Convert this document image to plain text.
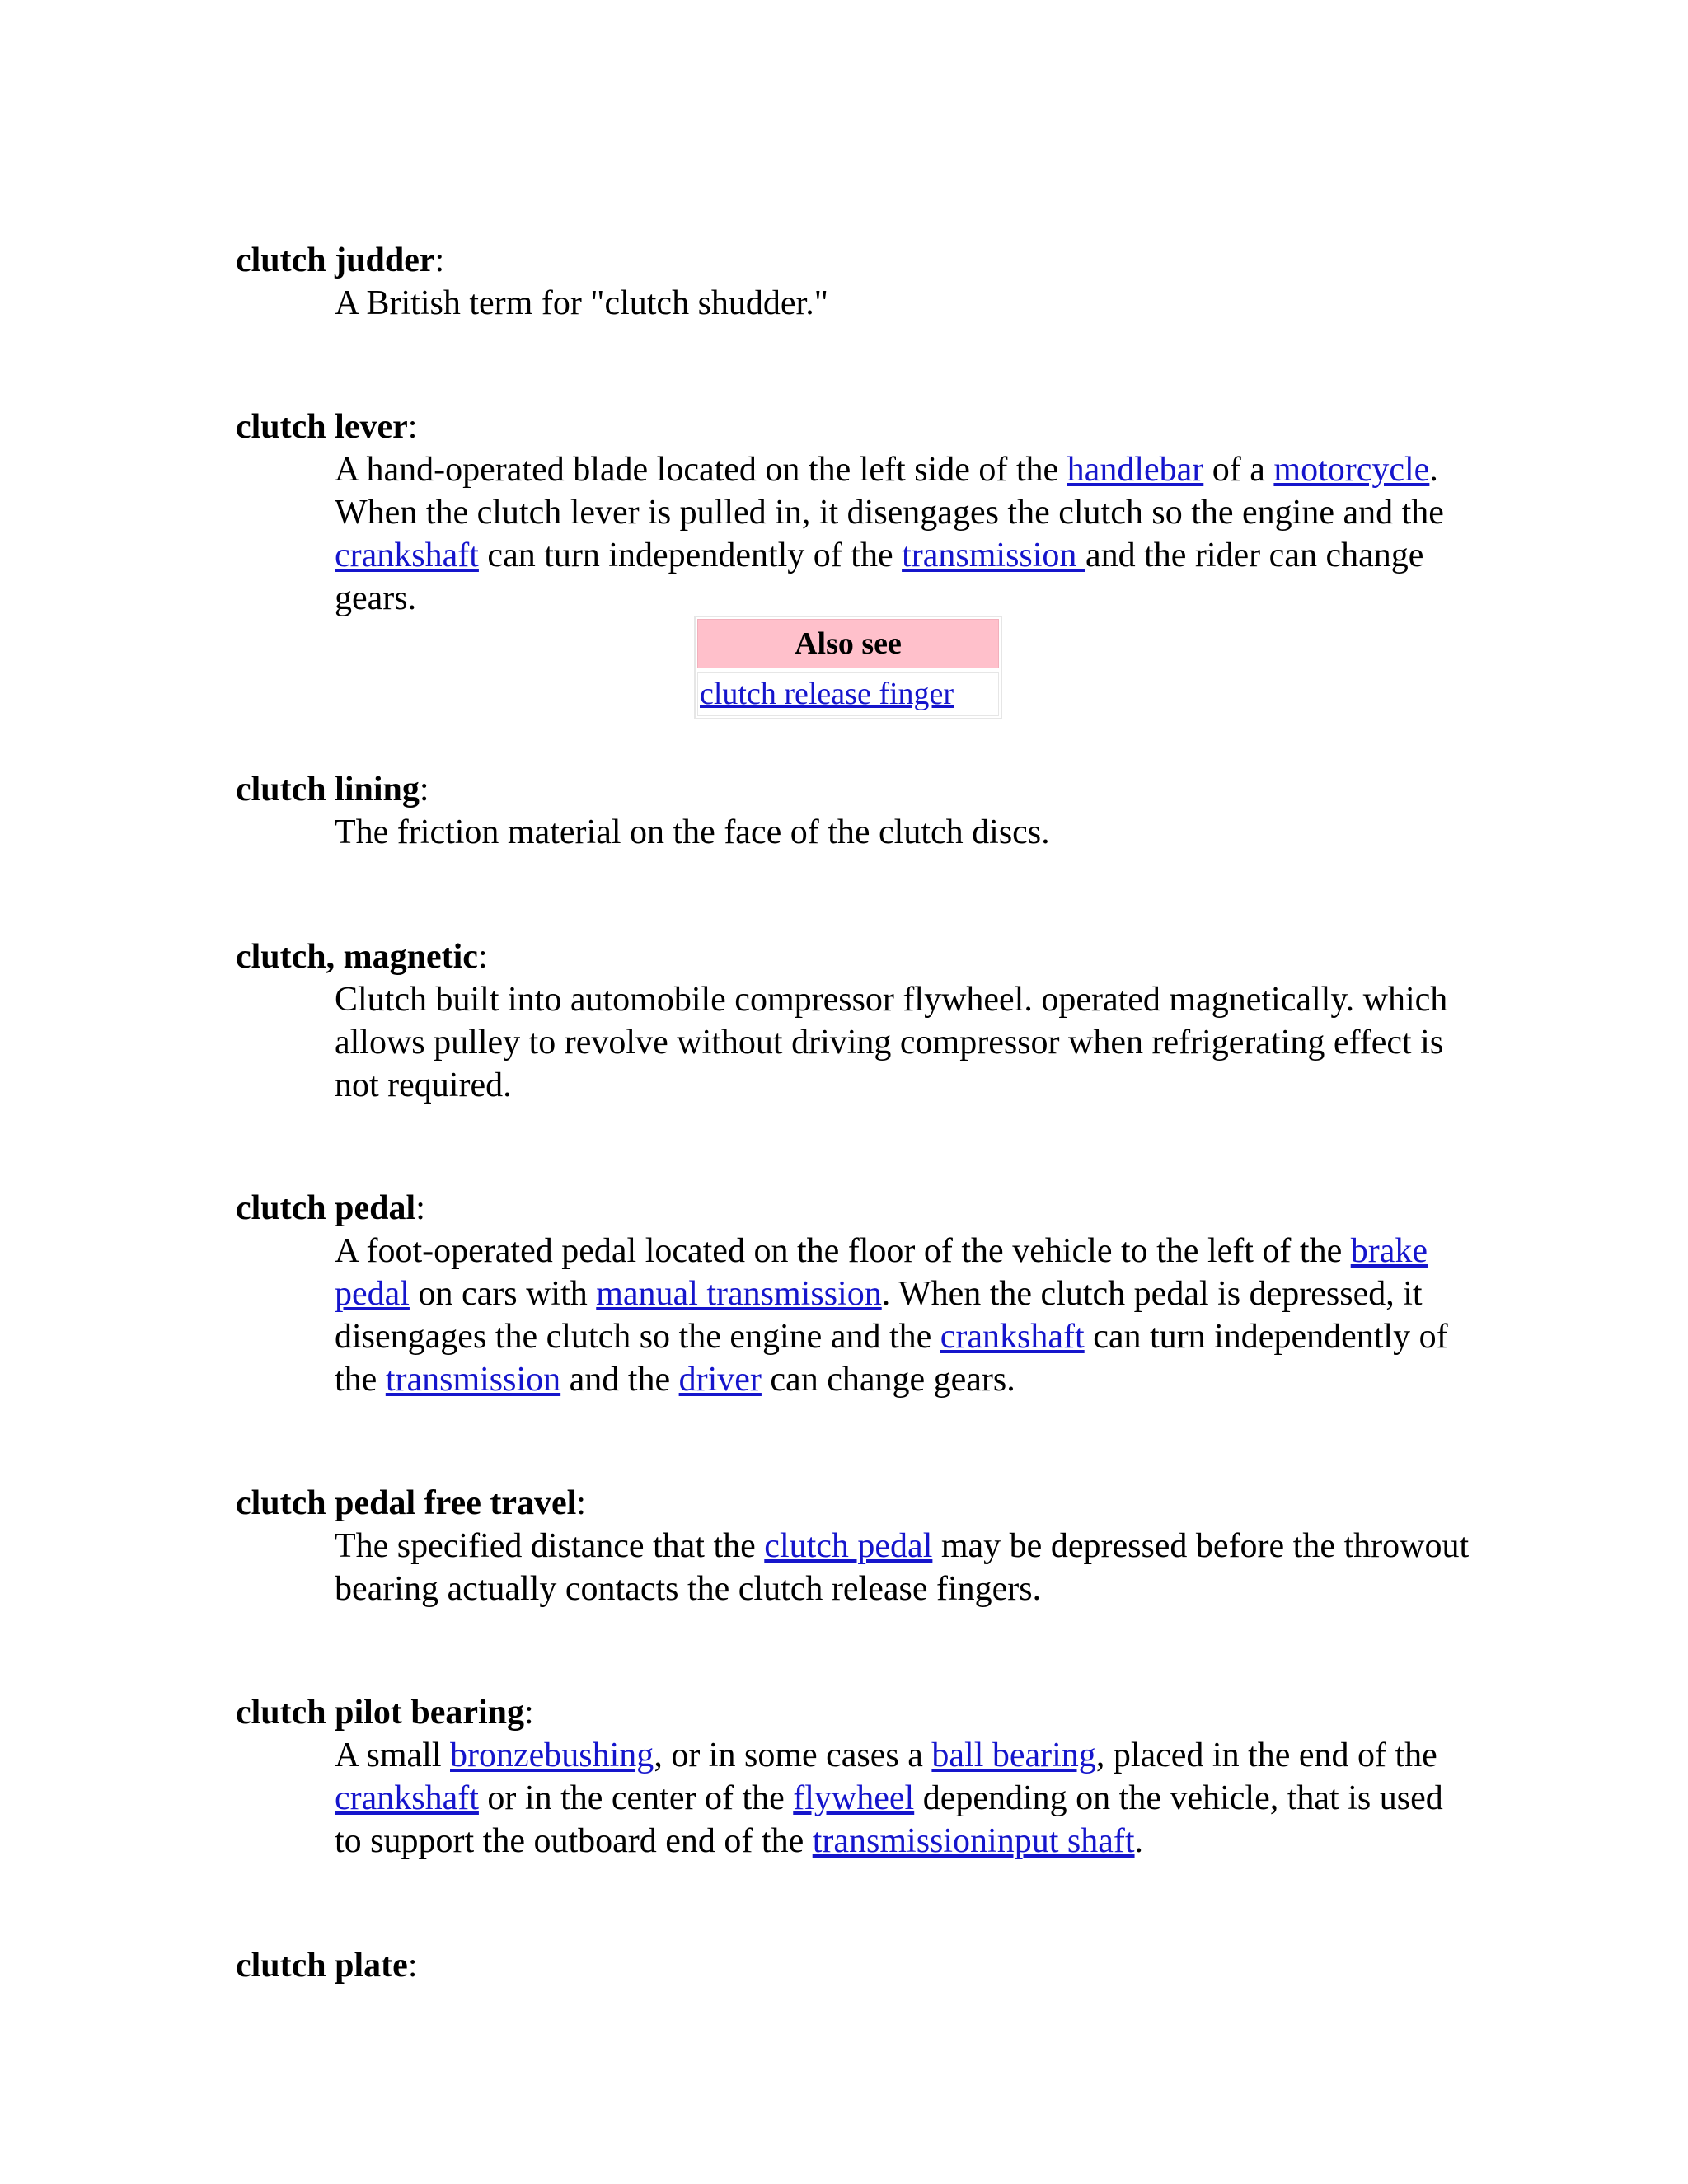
clutch judder:
A British term for "clutch shudder."
clutch lever:
A hand-operated blade located on the left side of the handlebar of a motorcycle. When the clutch lever is pulled in, it disengages the clutch so the engine and the crankshaft can turn independently of the transmission and the rider can change gears.
Also see
clutch release finger
clutch lining:
The friction material on the face of the clutch discs.
clutch, magnetic:
Clutch built into automobile compressor flywheel. operated magnetically. which allows pulley to revolve without driving compressor when refrigerating effect is not required.
clutch pedal:
A foot-operated pedal located on the floor of the vehicle to the left of the brake pedal on cars with manual transmission. When the clutch pedal is depressed, it disengages the clutch so the engine and the crankshaft can turn independently of the transmission and the driver can change gears.
clutch pedal free travel:
The specified distance that the clutch pedal may be depressed before the throwout bearing actually contacts the clutch release fingers.
clutch pilot bearing:
A small bronzebushing, or in some cases a ball bearing, placed in the end of the crankshaft or in the center of the flywheel depending on the vehicle, that is used to support the outboard end of the transmissioninput shaft.
clutch plate:
